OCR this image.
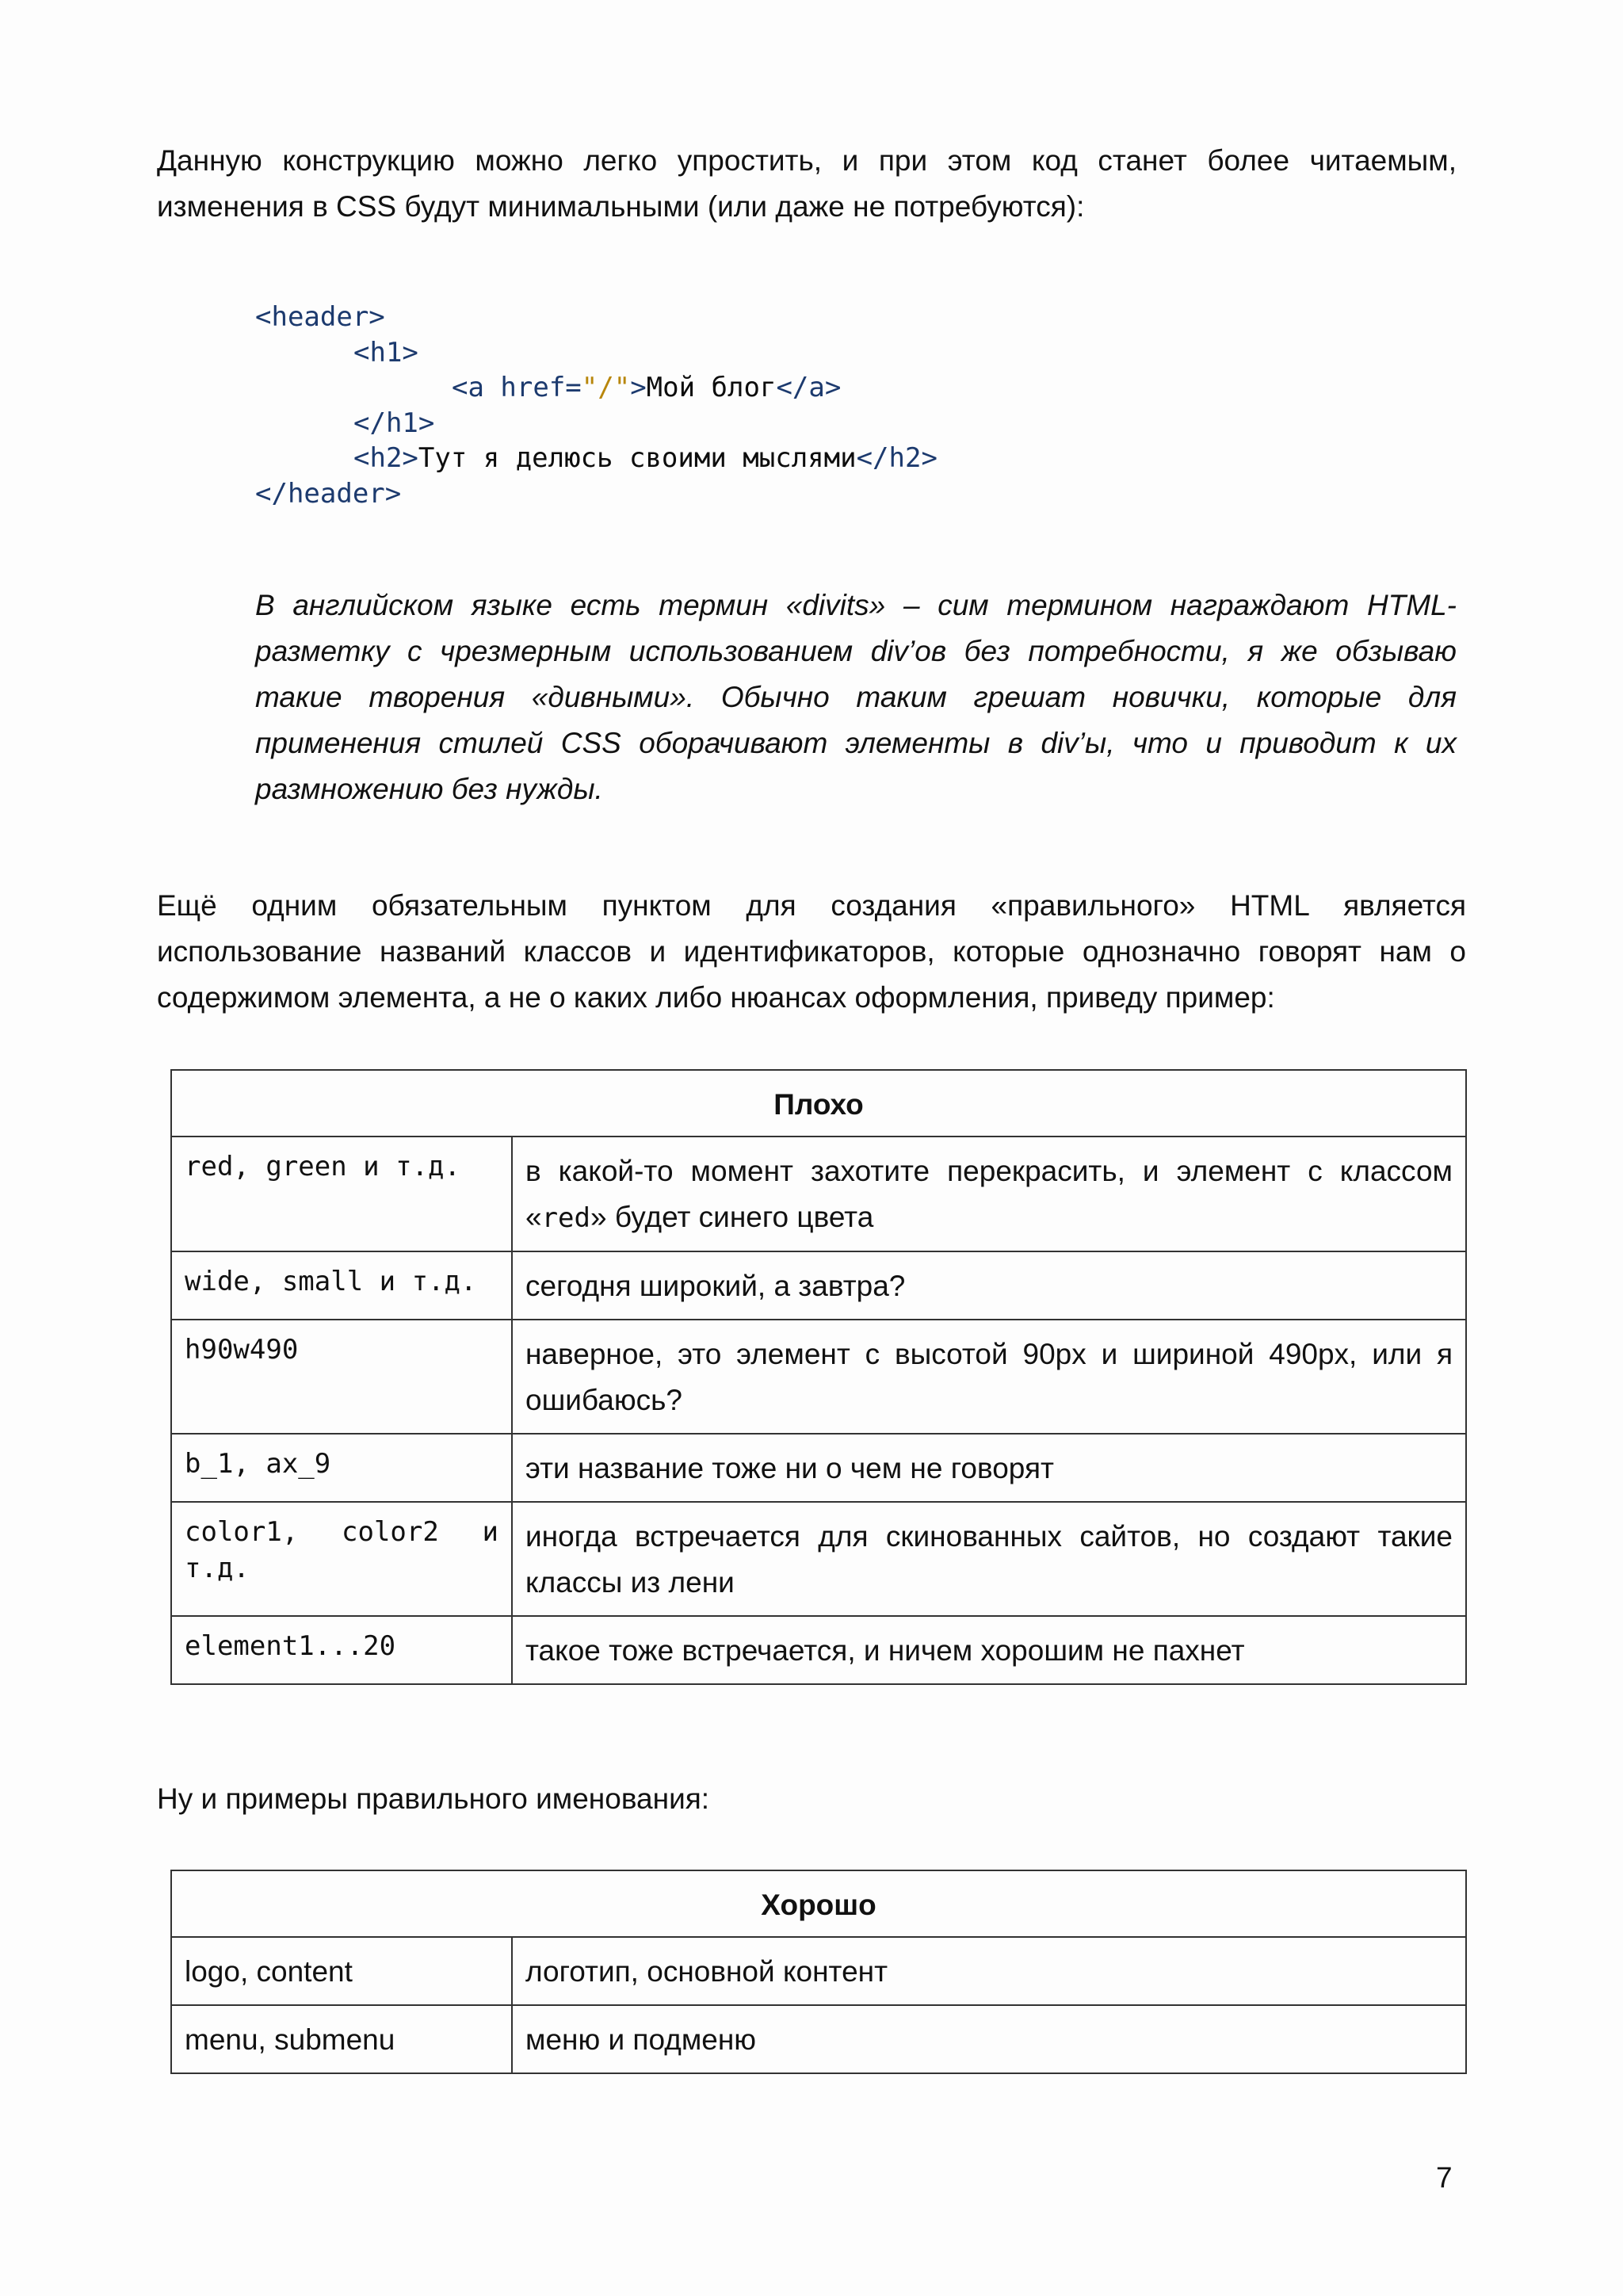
Данную конструкцию можно легко упростить, и при этом код станет более читаемым, изменения в CSS будут минимальными (или даже не потребуются):

<header>
<h1>
<a href="/">Мой блог</a>
</h1>
<h2>Тут я делюсь своими мыслями</h2>
</header>

В английском языке есть термин «divits» – сим термином награждают HTML-разметку с чрезмерным использованием div’ов без потребности, я же обзываю такие творения «дивными». Обычно таким грешат новички, которые для применения стилей CSS оборачивают элементы в div’ы, что и приводит к их размножению без нужды.

Ещё одним обязательным пунктом для создания «правильного» HTML является использование названий классов и идентификаторов, которые однозначно говорят нам о содержимом элемента, а не о каких либо нюансах оформления, приведу пример:

Плохо	
red, green и т.д.	в какой-то момент захотите перекрасить, и элемент с классом «red» будет синего цвета
wide, small и т.д.	сегодня широкий, а завтра?
h90w490	наверное, это элемент с высотой 90px и шириной 490px, или я ошибаюсь?
b_1, ax_9	эти название тоже ни о чем не говорят
color1, color2 и т.д.	иногда встречается для скинованных сайтов, но создают такие классы из лени
element1...20	такое тоже встречается, и ничем хорошим не пахнет

Ну и примеры правильного именования:

Хорошо	
logo, content	логотип, основной контент
menu, submenu	меню и подменю
7
